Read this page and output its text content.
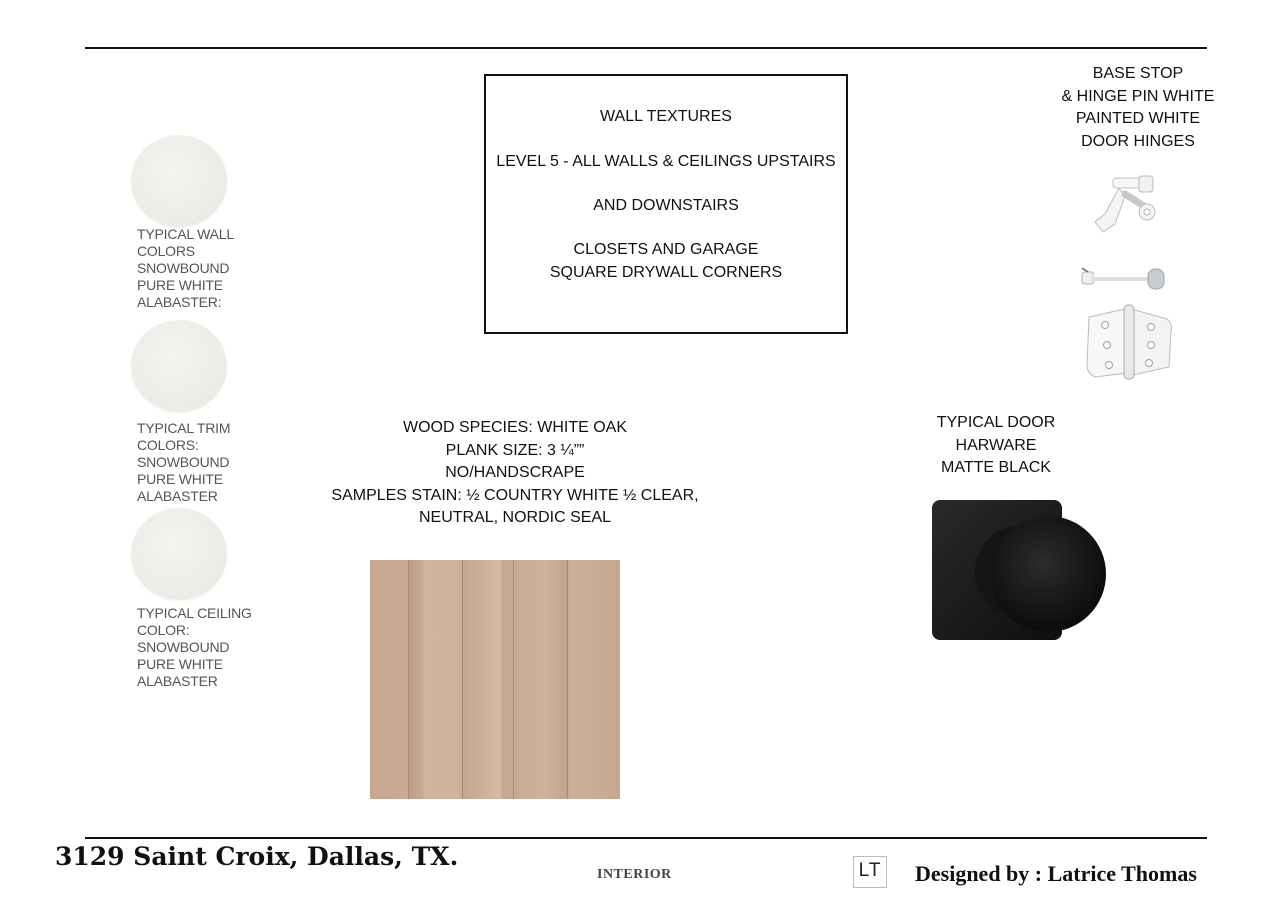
TYPICAL WALL
COLORS
SNOWBOUND
PURE WHITE
ALABASTER:
TYPICAL TRIM
COLORS:
SNOWBOUND
PURE WHITE
ALABASTER
TYPICAL CEILING
COLOR:
SNOWBOUND
PURE WHITE
ALABASTER
WALL TEXTURES
LEVEL 5 - ALL WALLS & CEILINGS UPSTAIRS
AND DOWNSTAIRS
CLOSETS AND GARAGE
SQUARE DRYWALL CORNERS
WOOD SPECIES: WHITE OAK
PLANK SIZE: 3 ¼””
NO/HANDSCRAPE
SAMPLES STAIN: ½ COUNTRY WHITE ½ CLEAR,
NEUTRAL, NORDIC SEAL
BASE STOP
& HINGE PIN WHITE
PAINTED WHITE
DOOR HINGES
TYPICAL DOOR
HARWARE
MATTE BLACK
3129 Saint Croix, Dallas, TX.
INTERIOR	LT Designed by : Latrice Thomas
